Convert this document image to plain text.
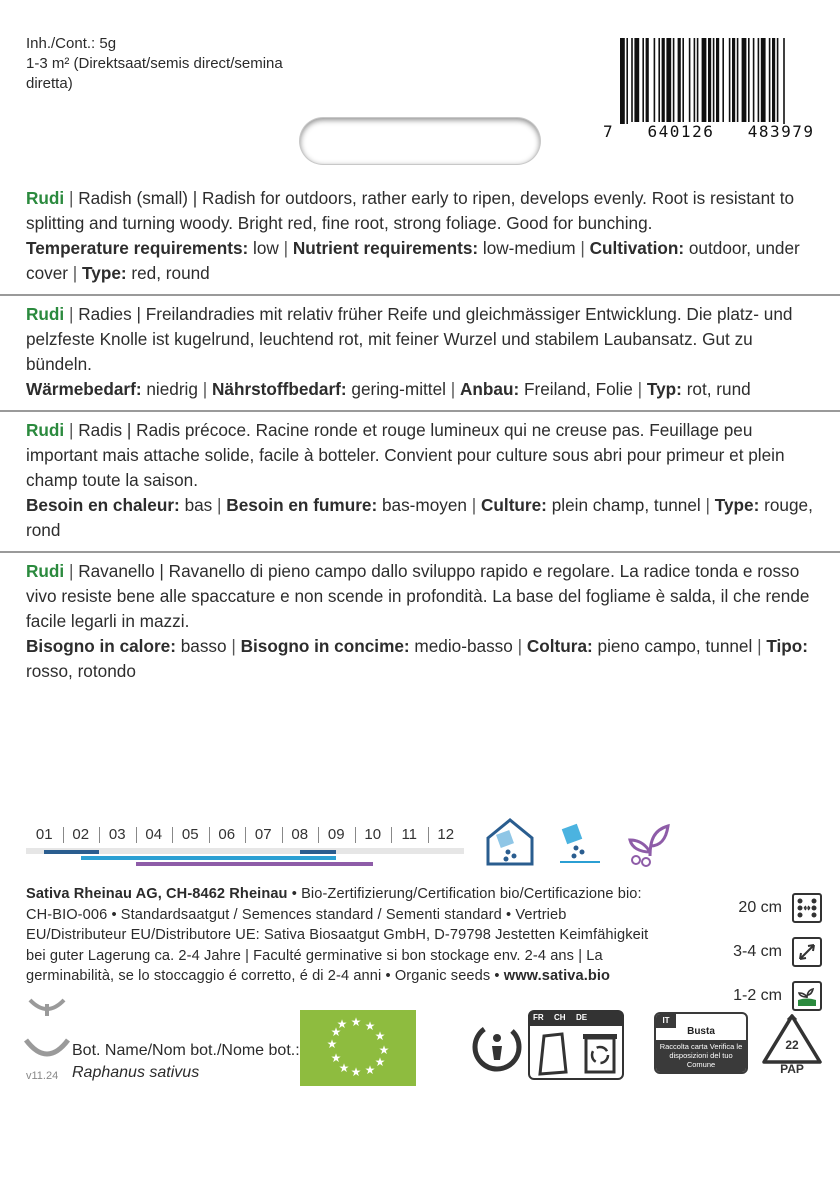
Inh./Cont.: 5g
1-3 m² (Direktsaat/semis direct/semina diretta)
7   640126   483979
Rudi | Radish (small) | Radish for outdoors, rather early to ripen, develops evenly. Root is resistant to splitting and turning woody. Bright red, fine root, strong foliage. Good for bunching.
Temperature requirements: low | Nutrient requirements: low-medium | Cultivation: outdoor, under cover | Type: red, round
Rudi | Radies | Freilandradies mit relativ früher Reife und gleichmässiger Entwicklung. Die platz- und pelzfeste Knolle ist kugelrund, leuchtend rot, mit feiner Wurzel und stabilem Laubansatz. Gut zu bündeln.
Wärmebedarf: niedrig | Nährstoffbedarf: gering-mittel | Anbau: Freiland, Folie | Typ: rot, rund
Rudi | Radis | Radis précoce. Racine ronde et rouge lumineux qui ne creuse pas. Feuillage peu important mais attache solide, facile à botteler. Convient pour culture sous abri pour primeur et plein champ toute la saison.
Besoin en chaleur: bas | Besoin en fumure: bas-moyen | Culture: plein champ, tunnel | Type: rouge, rond
Rudi | Ravanello | Ravanello di pieno campo dallo sviluppo rapido e regolare. La radice tonda e rosso vivo resiste bene alle spaccature e non scende in profondità. La base del fogliame è salda, il che rende facile legarli in mazzi.
Bisogno in calore: basso | Bisogno in concime: medio-basso | Coltura: pieno campo, tunnel | Tipo: rosso, rotondo
01	02	03	04	05	06	07	08	09	10	11	12
Sativa Rheinau AG, CH-8462 Rheinau • Bio-Zertifizierung/Certification bio/Certificazione bio: CH-BIO-006 • Standardsaatgut / Semences standard / Sementi standard • Vertrieb EU/Distributeur EU/Distributore UE: Sativa Biosaatgut GmbH, D-79798 Jestetten Keimfähigkeit bei guter Lagerung ca. 2-4 Jahre | Faculté germinative si bon stockage env. 2-4 ans | La germinabilità, se lo stoccaggio é corretto, é di 2-4 anni • Organic seeds • www.sativa.bio
20 cm
3-4 cm
1-2 cm
v11.24
Bot. Name/Nom bot./Nome bot.:
Raphanus sativus
★ ★ ★
★
★
★
★
★
★
★
★
★
FR CH DE	IT
Busta
Raccolta carta Verifica le disposizioni del tuo Comune
22
PAP
